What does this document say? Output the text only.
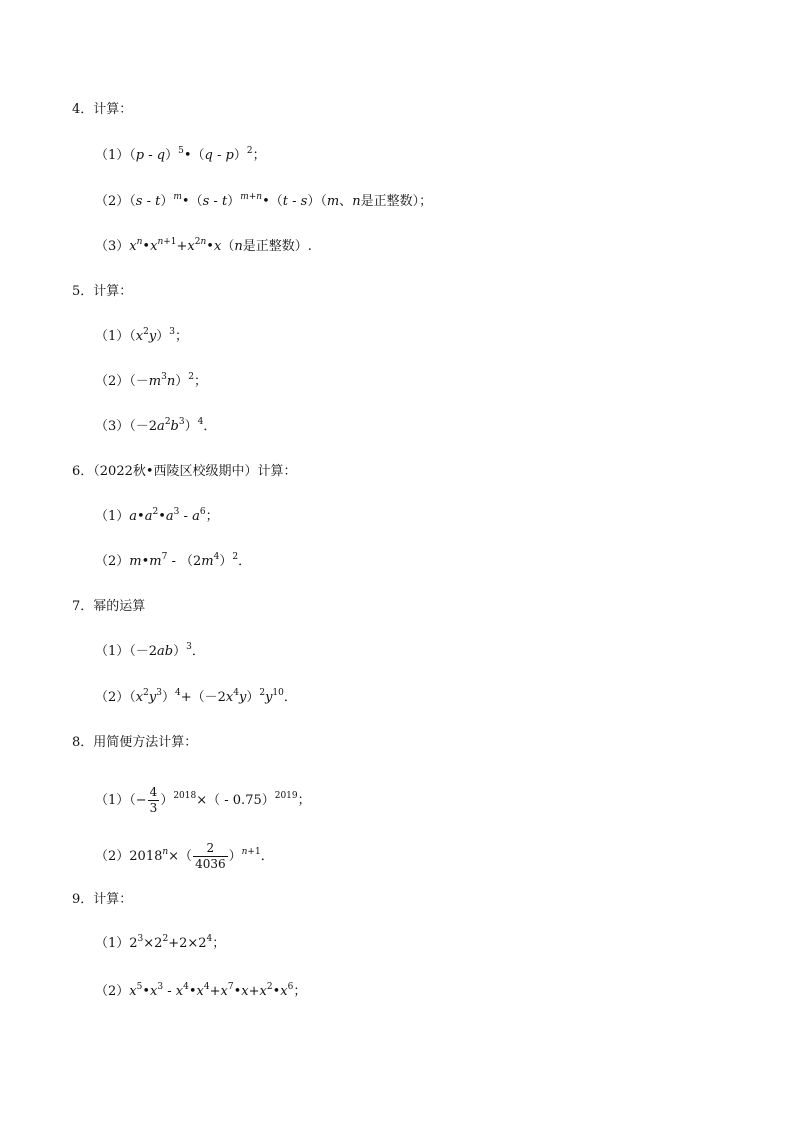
4．计算：
（1）（p - q）$^5$•（q - p）$^2$；
（2）（s - t）$^m$•（s - t）$^{m+n}$•（t - s）（m、n是正整数）；
$(3)x^n•x^{n+1}+x^{2n}•x(n$是正整数）.
5．计算：
$(1)(x^2y)^3$；
$(2)(-m^3n)^2$；
$(3)(-2a^2b^3)^4$．
6．（2022秋•西陵区校级期中）计算：
$(1)a•a^2•a^3 - a^6$；
$(2)m•m^7 - (2m^4)^2$．
7．幂的运算
$(1)(-2ab)^3$．
$(2)(x^2y^3)^4+(-2x^4y)^2y^{10}$．
8．用简便方法计算：
$(1)(- \frac{4}{3} )^{2018}\times( - 0.75)^{2019}$；
$(2)2018^n\times( \frac{2}{4036} )^{n+1}$．
9．计算：
$(1)2^3\times 2^2+2\times 2^4$；
$(2)x^5•x^3$ - $x^4•x^4+x^7•x+x^2•x^6$；
